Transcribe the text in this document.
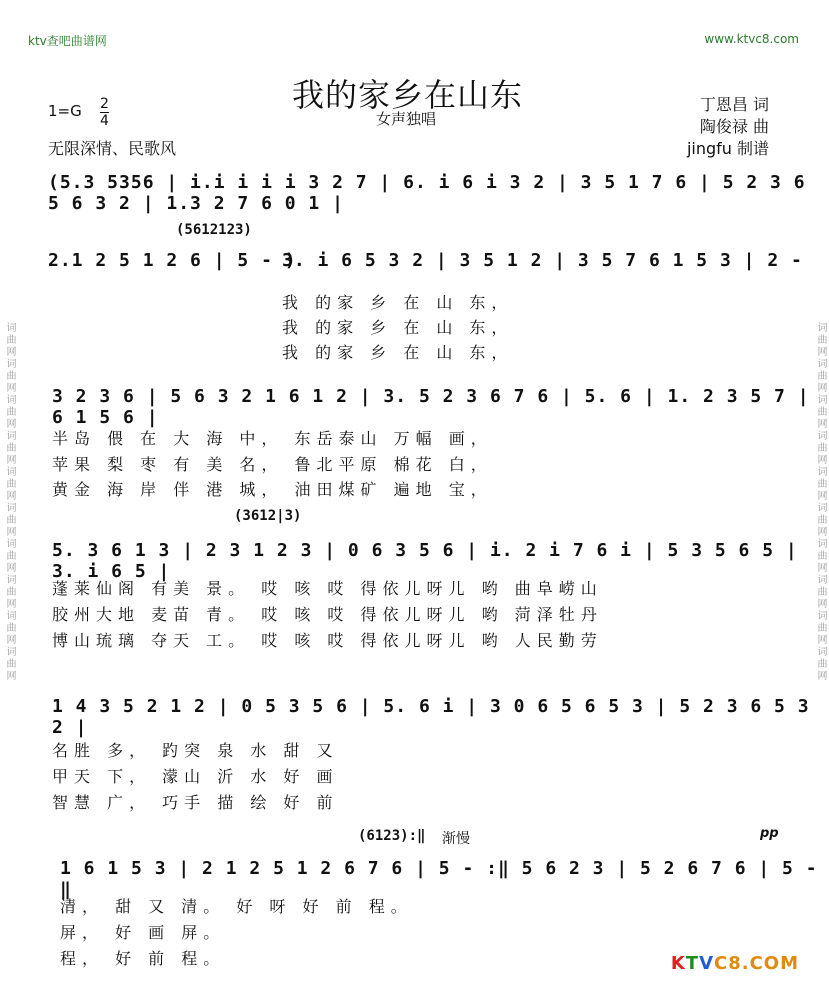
词曲网词曲网词曲网词曲网词曲网词曲网词曲网词曲网词曲网词曲网	词曲网词曲网词曲网词曲网词曲网词曲网词曲网词曲网词曲网词曲网
ktv查吧曲谱网	www.ktvc8.com
我的家乡在山东
女声独唱
1=G 2
4
无限深情、民歌风
丁恩昌 词
陶俊禄 曲
jingfu 制谱
(5.3 5356 | i.i i i i 3 2 7 | 6. i 6 i 3 2 | 3 5 1 7 6 | 5 2 3 6 5 6 3 2 | 1.3 2 7 6 0 1 |
(5612123)
2.1 2 5 1 2 6 | 5 - )
3. i 6 5 3 2 | 3 5 1 2 | 3 5 7 6 1 5 3 | 2 -
我 的家 乡 在 山 东，
我 的家 乡 在 山 东，
我 的家 乡 在 山 东，
3 2 3 6 | 5 6 3 2 1 6 1 2 | 3. 5 2 3 6 7 6 | 5. 6 | 1. 2 3 5 7 | 6 1 5 6 |
半岛 偎 在 大 海 中， 东岳泰山 万幅 画，
苹果 梨 枣 有 美 名， 鲁北平原 棉花 白，
黄金 海 岸 伴 港 城， 油田煤矿 遍地 宝，
(3612|3)
5. 3 6 1 3 | 2 3 1 2 3 | 0 6 3 5 6 | i. 2 i 7 6 i | 5 3 5 6 5 | 3. i 6 5 |
蓬莱仙阁 有美 景。 哎 咳 哎 得依儿呀儿 哟 曲阜崂山
胶州大地 麦苗 青。 哎 咳 哎 得依儿呀儿 哟 菏泽牡丹
博山琉璃 夺天 工。 哎 咳 哎 得依儿呀儿 哟 人民勤劳
1 4 3 5 2 1 2 | 0 5 3 5 6 | 5. 6 i | 3 0 6 5 6 5 3 | 5 2 3 6 5 3 2 |
名胜 多， 趵突 泉 水 甜 又
甲天 下， 濛山 沂 水 好 画
智慧 广， 巧手 描 绘 好 前
(6123):‖ 渐慢	pp
1 6 1 5 3 | 2 1 2 5 1 2 6 7 6 | 5 - :‖ 5 6 2 3 | 5 2 6 7 6 | 5 - ‖
清， 甜 又 清。 好 呀 好 前 程。
屏， 好 画 屏。
程， 好 前 程。	KTVC8.COM
